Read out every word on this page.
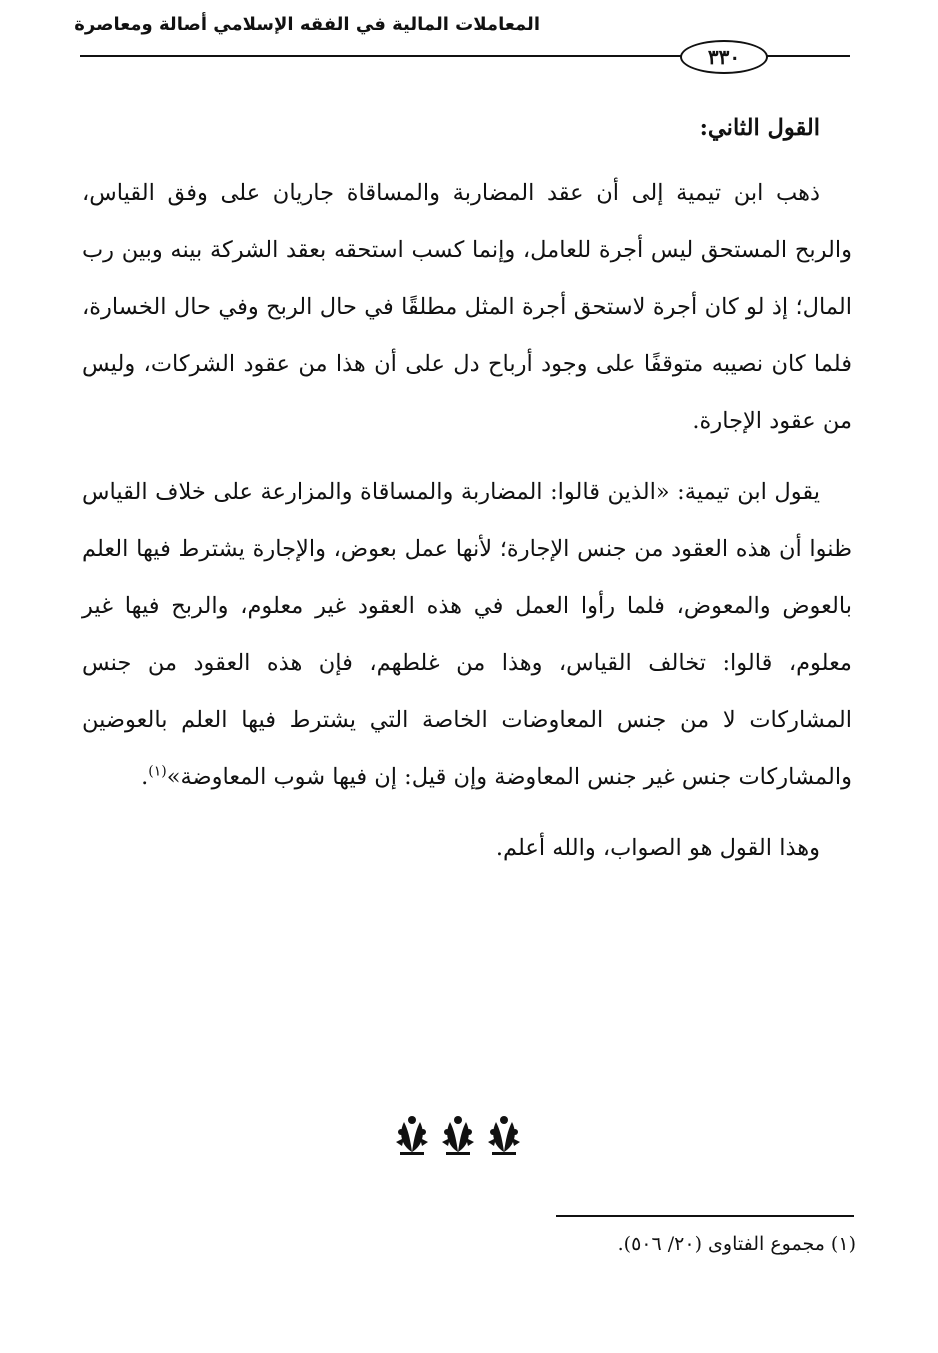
المعاملات المالية في الفقه الإسلامي أصالة ومعاصرة
٣٣٠

القول الثاني:

ذهب ابن تيمية إلى أن عقد المضاربة والمساقاة جاريان على وفق القياس، والربح المستحق ليس أجرة للعامل، وإنما كسب استحقه بعقد الشركة بينه وبين رب المال؛ إذ لو كان أجرة لاستحق أجرة المثل مطلقًا في حال الربح وفي حال الخسارة، فلما كان نصيبه متوقفًا على وجود أرباح دل على أن هذا من عقود الشركات، وليس من عقود الإجارة.

يقول ابن تيمية: «الذين قالوا: المضاربة والمساقاة والمزارعة على خلاف القياس ظنوا أن هذه العقود من جنس الإجارة؛ لأنها عمل بعوض، والإجارة يشترط فيها العلم بالعوض والمعوض، فلما رأوا العمل في هذه العقود غير معلوم، والربح فيها غير معلوم، قالوا: تخالف القياس، وهذا من غلطهم، فإن هذه العقود من جنس المشاركات لا من جنس المعاوضات الخاصة التي يشترط فيها العلم بالعوضين والمشاركات جنس غير جنس المعاوضة وإن قيل: إن فيها شوب المعاوضة»$^{(١)}$.

وهذا القول هو الصواب، والله أعلم.

(١) مجموع الفتاوى (٢٠/ ٥٠٦).
